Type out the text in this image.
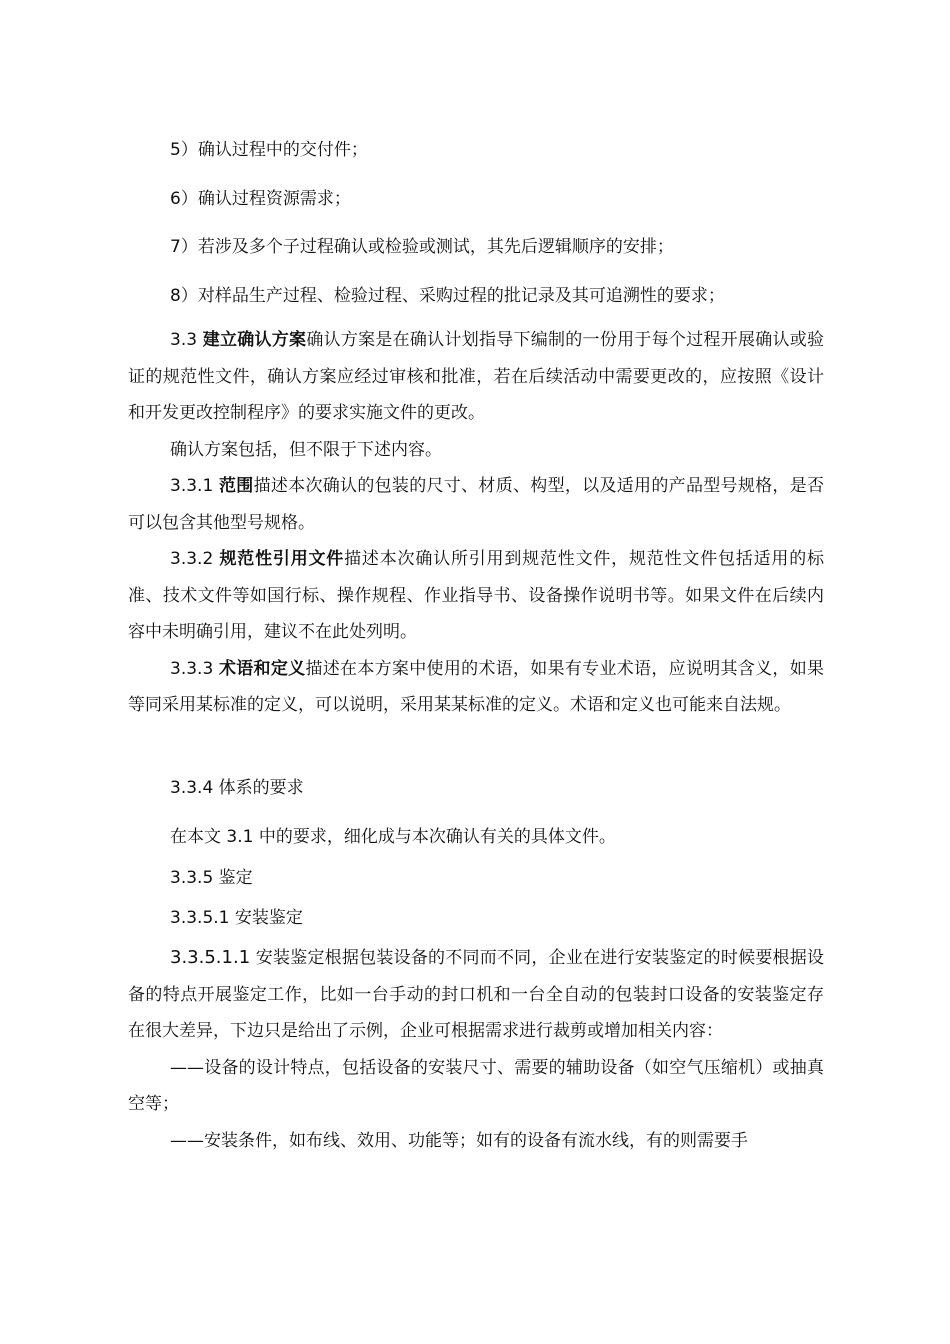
5）确认过程中的交付件；
6）确认过程资源需求；
7）若涉及多个子过程确认或检验或测试，其先后逻辑顺序的安排；
8）对样品生产过程、检验过程、采购过程的批记录及其可追溯性的要求；

3.3 建立确认方案确认方案是在确认计划指导下编制的一份用于每个过程开展确认或验证的规范性文件，确认方案应经过审核和批准，若在后续活动中需要更改的，应按照《设计和开发更改控制程序》的要求实施文件的更改。

确认方案包括，但不限于下述内容。

3.3.1 范围描述本次确认的包装的尺寸、材质、构型，以及适用的产品型号规格，是否可以包含其他型号规格。

3.3.2 规范性引用文件描述本次确认所引用到规范性文件，规范性文件包括适用的标准、技术文件等如国行标、操作规程、作业指导书、设备操作说明书等。如果文件在后续内容中未明确引用，建议不在此处列明。

3.3.3 术语和定义描述在本方案中使用的术语，如果有专业术语，应说明其含义，如果等同采用某标准的定义，可以说明，采用某某标准的定义。术语和定义也可能来自法规。

3.3.4 体系的要求
在本文 3.1 中的要求，细化成与本次确认有关的具体文件。
3.3.5 鉴定
3.3.5.1 安装鉴定

3.3.5.1.1 安装鉴定根据包装设备的不同而不同，企业在进行安装鉴定的时候要根据设备的特点开展鉴定工作，比如一台手动的封口机和一台全自动的包装封口设备的安装鉴定存在很大差异，下边只是给出了示例，企业可根据需求进行裁剪或增加相关内容：

——设备的设计特点，包括设备的安装尺寸、需要的辅助设备（如空气压缩机）或抽真空等；

——安装条件，如布线、效用、功能等；如有的设备有流水线，有的则需要手
